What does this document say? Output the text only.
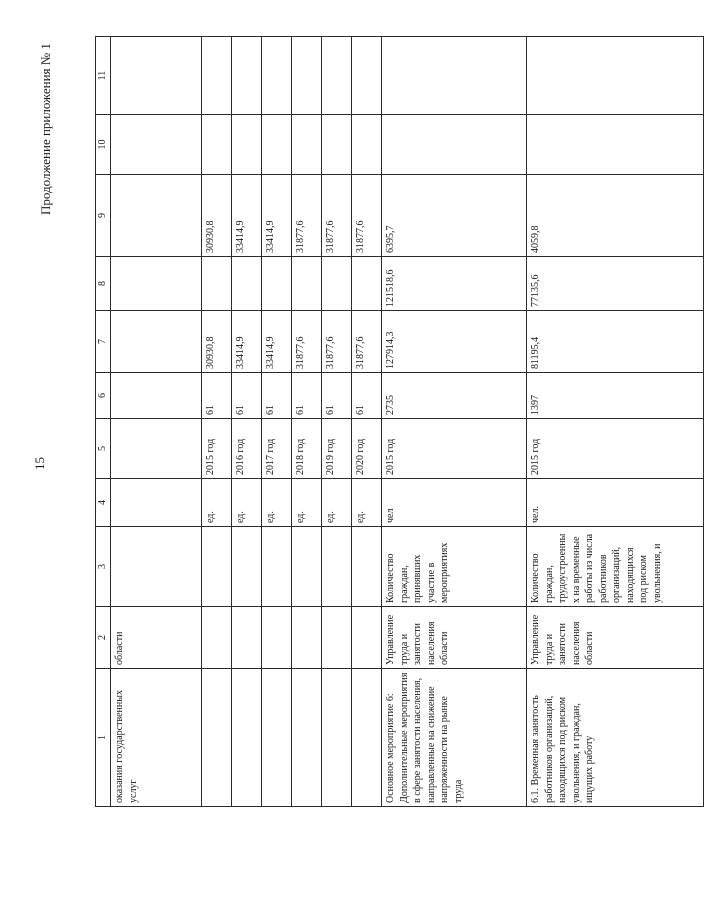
15
Продолжение приложения № 1
1	2	3	4	5	6	7	8	9	10	11
оказания государственных услуг	области									
			ед.	2015 год	61	30930,8		30930,8		
			ед.	2016 год	61	33414,9		33414,9		
			ед.	2017 год	61	33414,9		33414,9		
			ед.	2018 год	61	31877,6		31877,6		
			ед.	2019 год	61	31877,6		31877,6		
			ед.	2020 год	61	31877,6		31877,6		
Основное мероприятие 6: Дополнительные мероприятия в сфере занятости населения, направленные на снижение напряженности на рынке труда	Управление труда и занятости населения области	Количество граждан, принявших участие в мероприятиях	чел	2015 год	2735	127914,3	121518,6	6395,7		
6.1. Временная занятость работников организаций, находящихся под риском увольнения, и граждан, ищущих работу	Управление труда и занятости населения области	Количество граждан, трудоустроенных на временные работы из числа работников организаций, находящихся под риском увольнения, и	чел.	2015 год	1397	81195,4	77135,6	4059,8		
